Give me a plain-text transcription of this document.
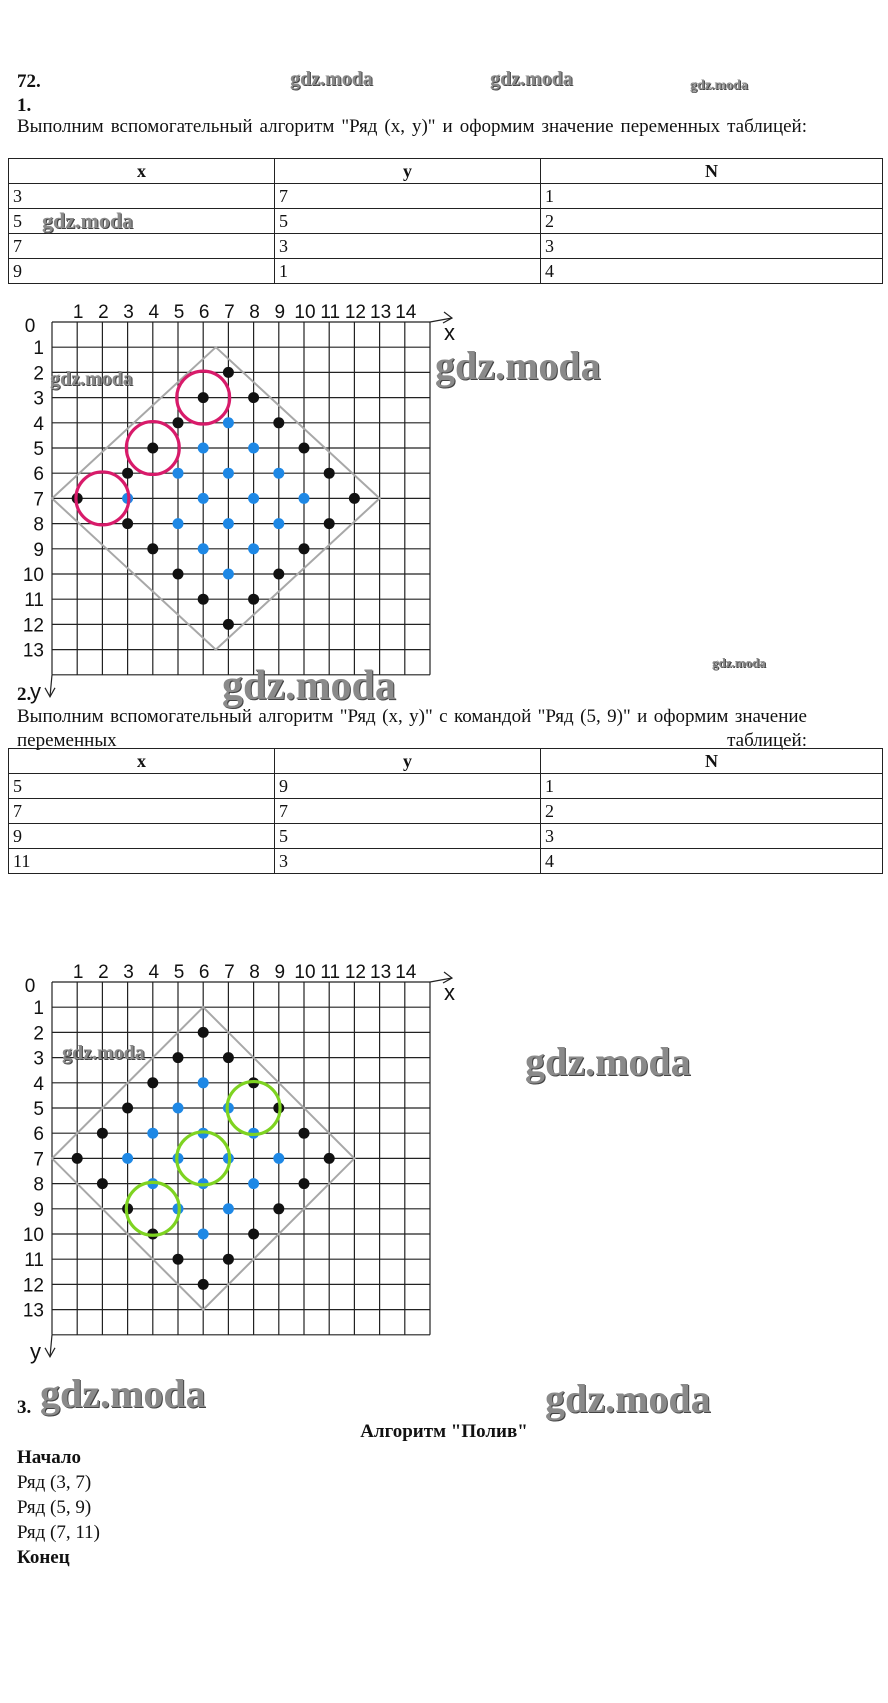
gdz.moda	gdz.moda	gdz.moda
72.
1.
Выполним вспомогательный алгоритм "Ряд (x, y)" и оформим значение переменных таблицей:
x	y	N
3	7	1
5	5	2
7	3	3
9	1	4
gdz.moda
0
1 2 3 4 5 6 7 8 9 10 11 12 13 14
1
2
3
4
5
6
7
8
9
10
11
12
13
x
y
gdz.moda
gdz.moda
gdz.moda
gdz.moda
2.
Выполним вспомогательный алгоритм "Ряд (x, y)" с командой "Ряд (5, 9)" и оформим значение переменных таблицей:
x	y	N
5	9	1
7	7	2
9	5	3
11	3	4
0
1 2 3 4 5 6 7 8 9 10 11 12 13 14
1
2
3
4
5
6
7
8
9
10
11
12
13
x
y
gdz.moda
gdz.moda
gdz.moda	gdz.moda
3.
Алгоритм "Полив"
Начало
Ряд (3, 7)
Ряд (5, 9)
Ряд (7, 11)
Конец
